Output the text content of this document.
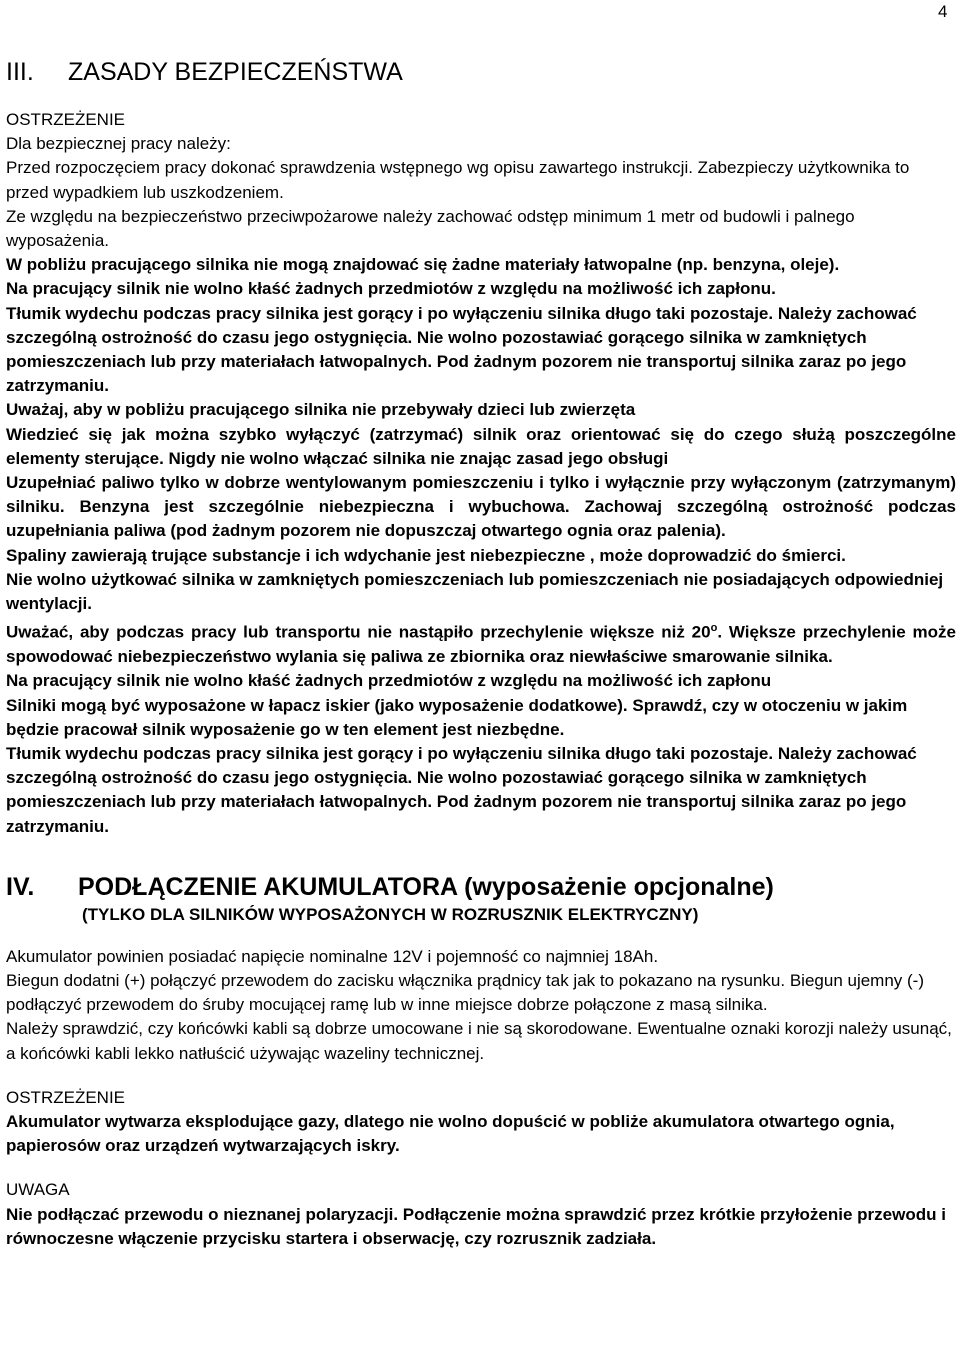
4
III. ZASADY BEZPIECZEŃSTWA

OSTRZEŻENIE

Dla bezpiecznej pracy należy:

Przed rozpoczęciem pracy dokonać sprawdzenia wstępnego wg opisu zawartego instrukcji. Zabezpieczy użytkownika to przed wypadkiem lub uszkodzeniem.

Ze względu na bezpieczeństwo przeciwpożarowe należy zachować odstęp minimum 1 metr od budowli i palnego wyposażenia.

W pobliżu pracującego silnika nie mogą znajdować się żadne materiały łatwopalne (np. benzyna, oleje).

Na pracujący silnik nie wolno kłaść żadnych przedmiotów z względu na możliwość ich zapłonu.

Tłumik wydechu podczas pracy silnika jest gorący i po wyłączeniu silnika długo taki pozostaje. Należy zachować szczególną ostrożność do czasu jego ostygnięcia. Nie wolno pozostawiać gorącego silnika w zamkniętych pomieszczeniach lub przy materiałach łatwopalnych. Pod żadnym pozorem nie transportuj silnika zaraz po jego zatrzymaniu.

Uważaj, aby w pobliżu pracującego silnika nie przebywały dzieci lub zwierzęta

Wiedzieć się jak można szybko wyłączyć (zatrzymać) silnik oraz orientować się do czego służą poszczególne elementy sterujące. Nigdy nie wolno włączać silnika nie znając zasad jego obsługi

Uzupełniać paliwo tylko w dobrze wentylowanym pomieszczeniu i tylko i wyłącznie przy wyłączonym (zatrzymanym) silniku. Benzyna jest szczególnie niebezpieczna i wybuchowa. Zachowaj szczególną ostrożność podczas uzupełniania paliwa (pod żadnym pozorem nie dopuszczaj otwartego ognia oraz palenia).

Spaliny zawierają trujące substancje i ich wdychanie jest niebezpieczne , może doprowadzić do śmierci.

Nie wolno użytkować silnika w zamkniętych pomieszczeniach lub pomieszczeniach nie posiadających odpowiedniej wentylacji.

Uważać, aby podczas pracy lub transportu nie nastąpiło przechylenie większe niż 20$^o$. Większe przechylenie może spowodować niebezpieczeństwo wylania się paliwa ze zbiornika oraz niewłaściwe smarowanie silnika.

Na pracujący silnik nie wolno kłaść żadnych przedmiotów z względu na możliwość ich zapłonu

Silniki mogą być wyposażone w łapacz iskier (jako wyposażenie dodatkowe). Sprawdź, czy w otoczeniu w jakim będzie pracował silnik wyposażenie go w ten element jest niezbędne.

Tłumik wydechu podczas pracy silnika jest gorący i po wyłączeniu silnika długo taki pozostaje. Należy zachować szczególną ostrożność do czasu jego ostygnięcia. Nie wolno pozostawiać gorącego silnika w zamkniętych pomieszczeniach lub przy materiałach łatwopalnych. Pod żadnym pozorem nie transportuj silnika zaraz po jego zatrzymaniu.

IV. PODŁĄCZENIE AKUMULATORA (wyposażenie opcjonalne)
(TYLKO DLA SILNIKÓW WYPOSAŻONYCH W ROZRUSZNIK ELEKTRYCZNY)

Akumulator powinien posiadać napięcie nominalne 12V i pojemność co najmniej 18Ah.

Biegun dodatni (+) połączyć przewodem do zacisku włącznika prądnicy tak jak to pokazano na rysunku. Biegun ujemny (-) podłączyć przewodem do śruby mocującej ramę lub w inne miejsce dobrze połączone z masą silnika.

Należy sprawdzić, czy końcówki kabli są dobrze umocowane i nie są skorodowane. Ewentualne oznaki korozji należy usunąć, a końcówki kabli lekko natłuścić używając wazeliny technicznej.

OSTRZEŻENIE

Akumulator wytwarza eksplodujące gazy, dlatego nie wolno dopuścić w pobliże akumulatora otwartego ognia, papierosów oraz urządzeń wytwarzających iskry.

UWAGA

Nie podłączać przewodu o nieznanej polaryzacji. Podłączenie można sprawdzić przez krótkie przyłożenie przewodu i równoczesne włączenie przycisku startera i obserwację, czy rozrusznik zadziała.
